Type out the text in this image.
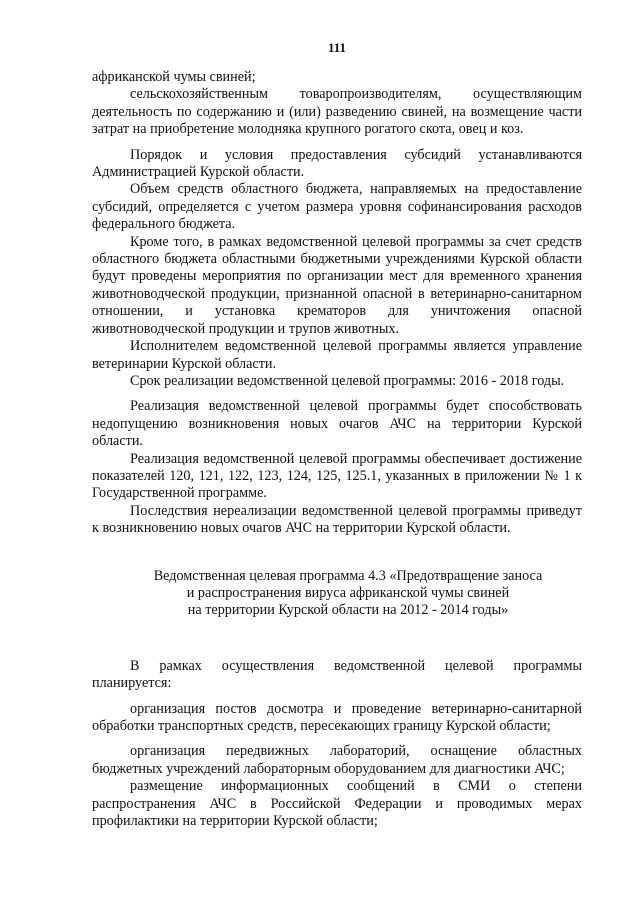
111

африканской чумы свиней;

сельскохозяйственным товаропроизводителям, осуществляющим деятельность по содержанию и (или) разведению свиней, на возмещение части затрат на приобретение молодняка крупного рогатого скота, овец и коз.

Порядок и условия предоставления субсидий устанавливаются Администрацией Курской области.

Объем средств областного бюджета, направляемых на предоставление субсидий, определяется с учетом размера уровня софинансирования расходов федерального бюджета.

Кроме того, в рамках ведомственной целевой программы за счет средств областного бюджета областными бюджетными учреждениями Курской области будут проведены мероприятия по организации мест для временного хранения животноводческой продукции, признанной опасной в ветеринарно-санитарном отношении, и установка крематоров для уничтожения опасной животноводческой продукции и трупов животных.

Исполнителем ведомственной целевой программы является управление ветеринарии Курской области.

Срок реализации ведомственной целевой программы: 2016 - 2018 годы.

Реализация ведомственной целевой программы будет способствовать недопущению возникновения новых очагов АЧС на территории Курской области.

Реализация ведомственной целевой программы обеспечивает достижение показателей 120, 121, 122, 123, 124, 125, 125.1, указанных в приложении № 1 к Государственной программе.

Последствия нереализации ведомственной целевой программы приведут к возникновению новых очагов АЧС на территории Курской области.

Ведомственная целевая программа 4.3 «Предотвращение заноса
и распространения вируса африканской чумы свиней
на территории Курской области на 2012 - 2014 годы»

В рамках осуществления ведомственной целевой программы планируется:

организация постов досмотра и проведение ветеринарно-санитарной обработки транспортных средств, пересекающих границу Курской области;

организация передвижных лабораторий, оснащение областных бюджетных учреждений лабораторным оборудованием для диагностики АЧС;

размещение информационных сообщений в СМИ о степени распространения АЧС в Российской Федерации и проводимых мерах профилактики на территории Курской области;
